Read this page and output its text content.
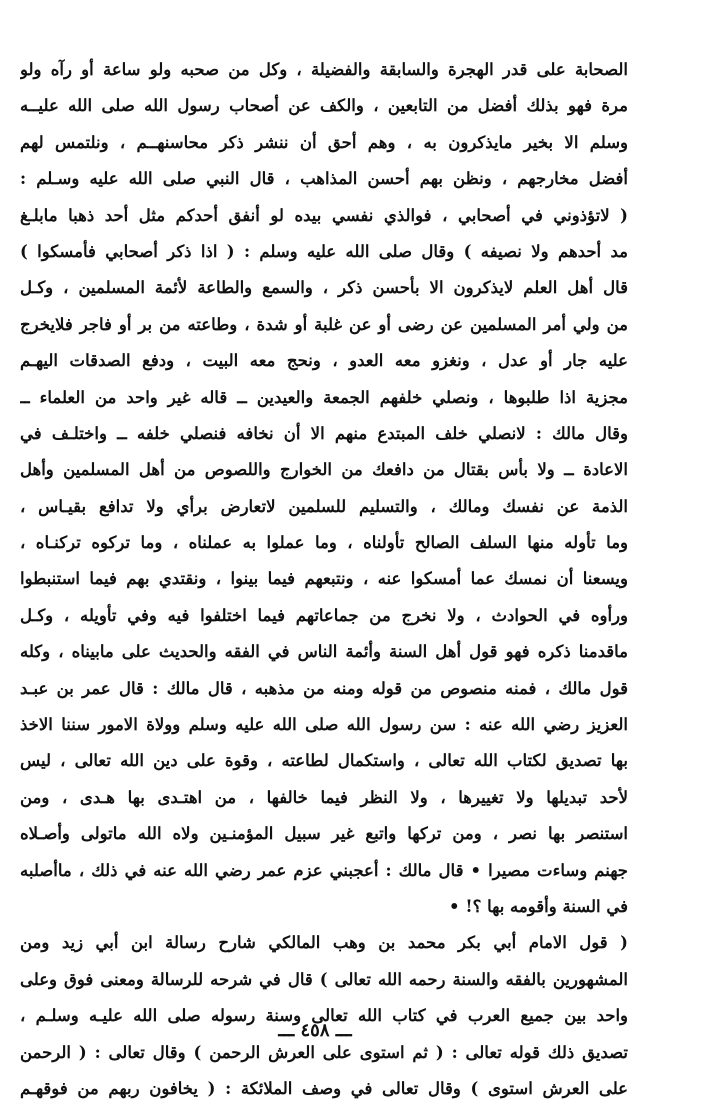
الصحابة على قدر الهجرة والسابقة والفضيلة ، وكل من صحبه ولو ساعة أو رآه ولو
مرة فهو بذلك أفضل من التابعين ، والكف عن أصحاب رسول الله صلى الله عليــه
وسلم الا بخير مايذكرون به ، وهم أحق أن ننشر ذكر محاسنهــم ، ونلتمس لهم
أفضل مخارجهم ، ونظن بهم أحسن المذاهب ، قال النبي صلى الله عليه وسـلم :
( لاتؤذوني في أصحابي ، فوالذي نفسي بيده لو أنفق أحدكم مثل أحد ذهبا مابلـغ
مد أحدهم ولا نصيفه ) وقال صلى الله عليه وسلم : ( اذا ذكر أصحابي فأمسكوا )
قال أهل العلم لايذكرون الا بأحسن ذكر ، والسمع والطاعة لأئمة المسلمين ، وكـل
من ولي أمر المسلمين عن رضى أو عن غلبة أو شدة ، وطاعته من بر أو فاجر فلايخرج
عليه جار أو عدل ، ونغزو معه العدو ، ونحج معه البيت ، ودفع الصدقات اليهـم
مجزية اذا طلبوها ، ونصلي خلفهم الجمعة والعيدين ــ قاله غير واحد من العلماء ــ
وقال مالك : لانصلي خلف المبتدع منهم الا أن نخافه فنصلي خلفه ــ واختلـف في
الاعادة ــ ولا بأس بقتال من دافعك من الخوارج واللصوص من أهل المسلمين وأهل
الذمة عن نفسك ومالك ، والتسليم للسلمين لاتعارض برأي ولا تدافع بقيـاس ،
وما تأوله منها السلف الصالح تأولناه ، وما عملوا به عملناه ، وما تركوه تركنـاه ،
ويسعنا أن نمسك عما أمسكوا عنه ، ونتبعهم فيما بينوا ، ونقتدي بهم فيما استنبطوا
ورأوه في الحوادث ، ولا نخرج من جماعاتهم فيما اختلفوا فيه وفي تأويله ، وكـل
ماقدمنا ذكره فهو قول أهل السنة وأئمة الناس في الفقه والحديث على مابيناه ، وكله
قول مالك ، فمنه منصوص من قوله ومنه من مذهبه ، قال مالك : قال عمر بن عبـد
العزيز رضي الله عنه : سن رسول الله صلى الله عليه وسلم وولاة الامور سننا الاخذ
بها تصديق لكتاب الله تعالى ، واستكمال لطاعته ، وقوة على دين الله تعالى ، ليس
لأحد تبديلها ولا تغييرها ، ولا النظر فيما خالفها ، من اهتـدى بها هـدى ، ومن
استنصر بها نصر ، ومن تركها واتبع غير سبيل المؤمنـين ولاه الله ماتولى وأصـلاه
جهنم وساءت مصيرا • قال مالك : أعجبني عزم عمر رضي الله عنه في ذلك ، ماأصلبه
في السنة وأقومه بها ؟! •
( قول الامام أبي بكر محمد بن وهب المالكي شارح رسالة ابن أبي زيد ومن
المشهورين بالفقه والسنة رحمه الله تعالى ) قال في شرحه للرسالة ومعنى فوق وعلى
واحد بين جميع العرب في كتاب الله تعالى وسنة رسوله صلى الله عليـه وسلـم ،
تصديق ذلك قوله تعالى : ( ثم استوى على العرش الرحمن ) وقال تعالى : ( الرحمن
على العرش استوى ) وقال تعالى في وصف الملائكة : ( يخافون ربهم من فوقهـم
ـــ ٤٥٨ ـــ
